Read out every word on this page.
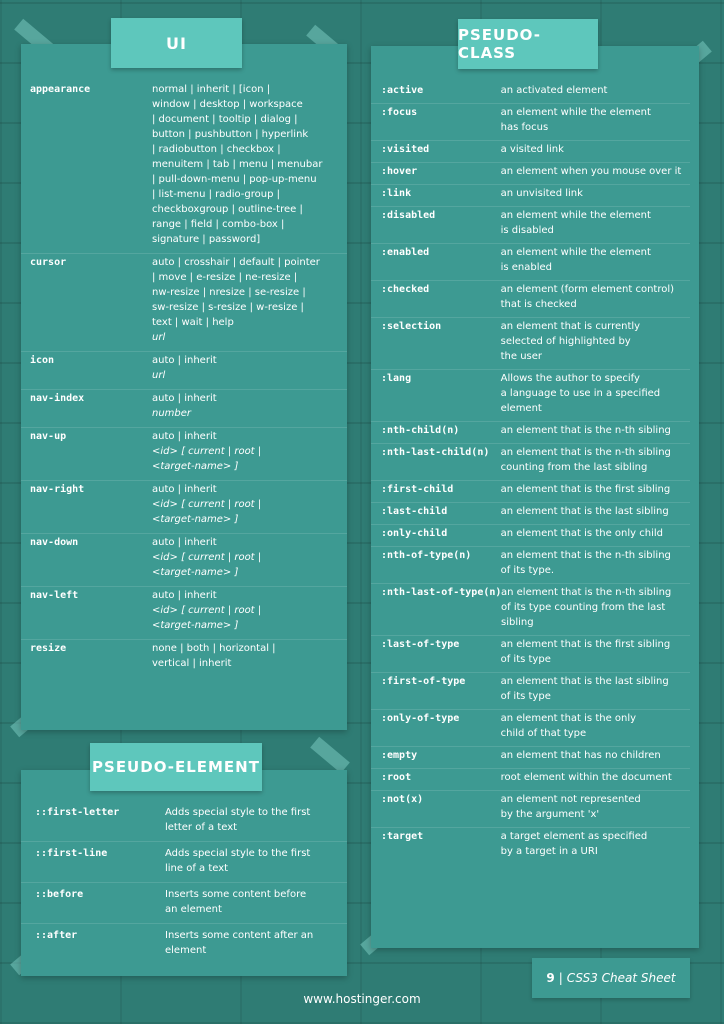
appearance	normal | inherit | [icon |
window | desktop | workspace
| document | tooltip | dialog |
button | pushbutton | hyperlink
| radiobutton | checkbox |
menuitem | tab | menu | menubar
| pull-down-menu | pop-up-menu
| list-menu | radio-group |
checkboxgroup | outline-tree |
range | field | combo-box |
signature | password]
cursor	auto | crosshair | default | pointer
| move | e-resize | ne-resize |
nw-resize | nresize | se-resize |
sw-resize | s-resize | w-resize |
text | wait | help
url
icon	auto | inherit
url
nav-index	auto | inherit
number
nav-up	auto | inherit
<id> [ current | root |
<target-name> ]
nav-right	auto | inherit
<id> [ current | root |
<target-name> ]
nav-down	auto | inherit
<id> [ current | root |
<target-name> ]
nav-left	auto | inherit
<id> [ current | root |
<target-name> ]
resize	none | both | horizontal |
vertical | inherit
UI
::first-letter	Adds special style to the first
letter of a text
::first-line	Adds special style to the first
line of a text
::before	Inserts some content before
an element
::after	Inserts some content after an
element
PSEUDO-ELEMENT
:active	an activated element
:focus	an element while the element
has focus
:visited	a visited link
:hover	an element when you mouse over it
:link	an unvisited link
:disabled	an element while the element
is disabled
:enabled	an element while the element
is enabled
:checked	an element (form element control)
that is checked
:selection	an element that is currently
selected of highlighted by
the user
:lang	Allows the author to specify
a language to use in a specified
element
:nth-child(n)	an element that is the n-th sibling
:nth-last-child(n)	an element that is the n-th sibling
counting from the last sibling
:first-child	an element that is the first sibling
:last-child	an element that is the last sibling
:only-child	an element that is the only child
:nth-of-type(n)	an element that is the n-th sibling
of its type.
:nth-last-of-type(n) an element that is the n-th sibling
of its type counting from the last
sibling
:last-of-type	an element that is the first sibling
of its type
:first-of-type	an element that is the last sibling
of its type
:only-of-type	an element that is the only
child of that type
:empty	an element that has no children
:root	root element within the document
:not(x)	an element not represented
by the argument 'x'
:target	a target element as specified
by a target in a URI
PSEUDO-CLASS
9 | CSS3 Cheat Sheet
www.hostinger.com
